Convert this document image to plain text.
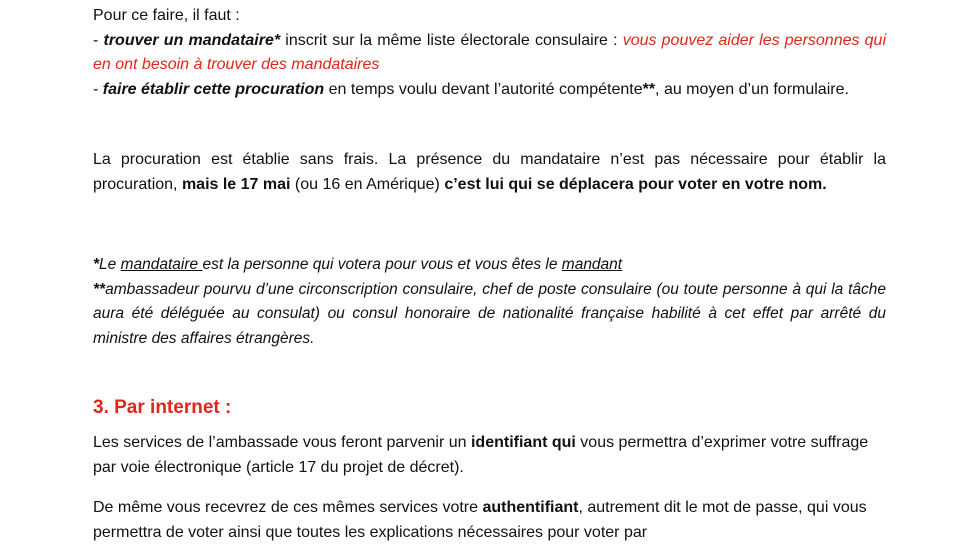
Pour ce faire, il faut :
- trouver un mandataire* inscrit sur la même liste électorale consulaire : vous pouvez aider les personnes qui en ont besoin à trouver des mandataires
- faire établir cette procuration en temps voulu devant l’autorité compétente**, au moyen d’un formulaire.
La procuration est établie sans frais. La présence du mandataire n’est pas nécessaire pour établir la procuration, mais le 17 mai (ou 16 en Amérique) c’est lui qui se déplacera pour voter en votre nom.
*Le mandataire est la personne qui votera pour vous et vous êtes le mandant
**ambassadeur pourvu d’une circonscription consulaire, chef de poste consulaire (ou toute personne à qui la tâche aura été déléguée au consulat) ou consul honoraire de nationalité française habilité à cet effet par arrêté du ministre des affaires étrangères.
3. Par internet :
Les services de l’ambassade vous feront parvenir un identifiant qui vous permettra d’exprimer votre suffrage par voie électronique (article 17 du projet de décret).
De même vous recevrez de ces mêmes services votre authentifiant, autrement dit le mot de passe, qui vous permettra de voter ainsi que toutes les explications nécessaires pour voter par
